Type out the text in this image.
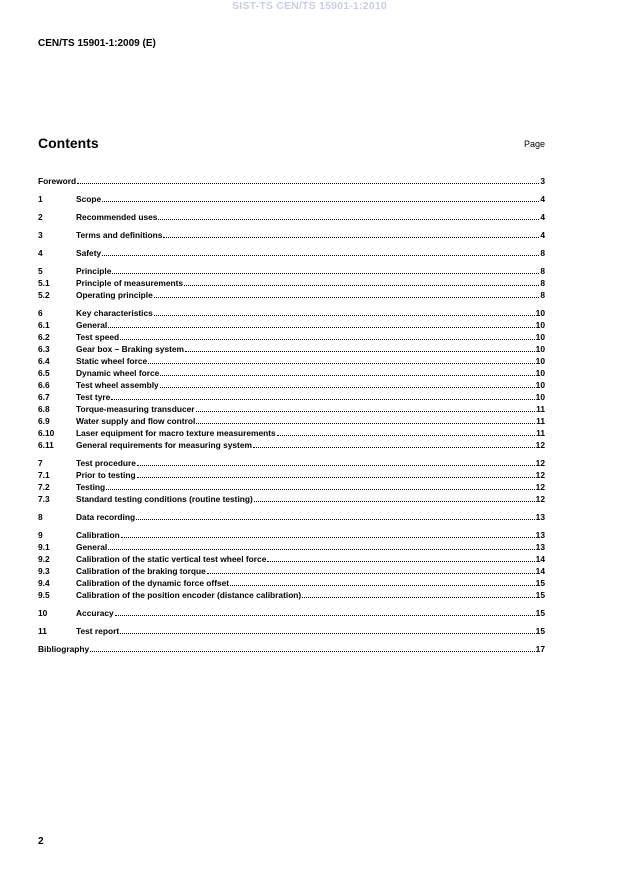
SIST-TS CEN/TS 15901-1:2010
CEN/TS 15901-1:2009 (E)
Contents	Page
Foreword	3
1	Scope	4
2	Recommended uses	4
3	Terms and definitions	4
4	Safety	8
5	Principle	8
5.1	Principle of measurements	8
5.2	Operating principle	8
6	Key characteristics	10
6.1	General	10
6.2	Test speed	10
6.3	Gear box – Braking system	10
6.4	Static wheel force	10
6.5	Dynamic wheel force	10
6.6	Test wheel assembly	10
6.7	Test tyre	10
6.8	Torque-measuring transducer	11
6.9	Water supply and flow control	11
6.10	Laser equipment for macro texture measurements	11
6.11	General requirements for measuring system	12
7	Test procedure	12
7.1	Prior to testing	12
7.2	Testing	12
7.3	Standard testing conditions (routine testing)	12
8	Data recording	13
9	Calibration	13
9.1	General	13
9.2	Calibration of the static vertical test wheel force	14
9.3	Calibration of the braking torque	14
9.4	Calibration of the dynamic force offset	15
9.5	Calibration of the position encoder (distance calibration)	15
10	Accuracy	15
11	Test report	15
Bibliography	17
2
